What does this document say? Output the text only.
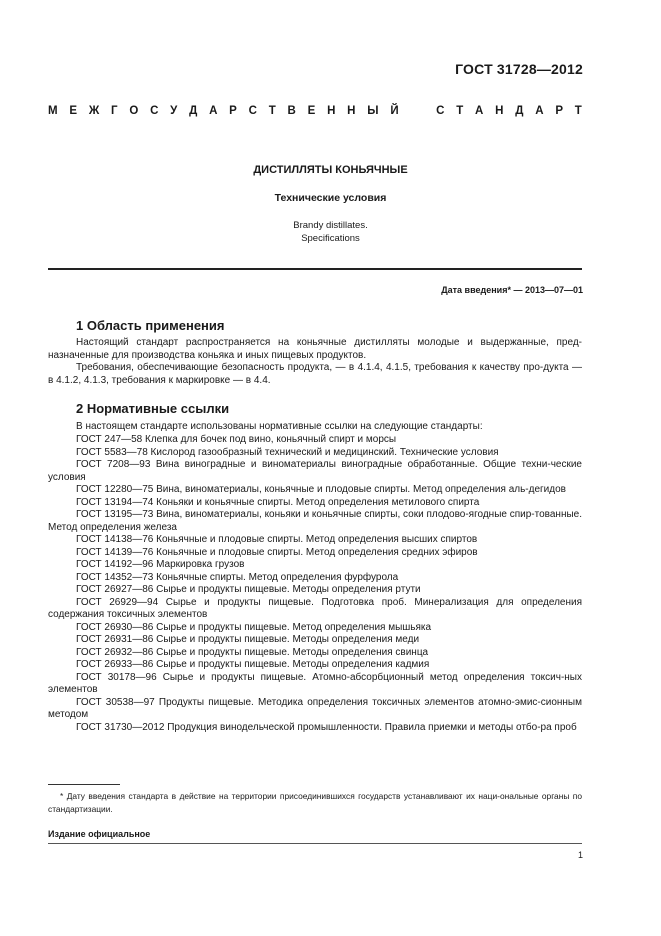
ГОСТ 31728—2012
М Е Ж Г О С У Д А Р С Т В Е Н Н Ы Й	С Т А Н Д А Р Т
ДИСТИЛЛЯТЫ КОНЬЯЧНЫЕ
Технические условия
Brandy distillates.
Specifications
Дата введения* — 2013—07—01
1 Область применения
Настоящий стандарт распространяется на коньячные дистилляты молодые и выдержанные, пред-назначенные для производства коньяка и иных пищевых продуктов.
Требования, обеспечивающие безопасность продукта, — в 4.1.4, 4.1.5, требования к качеству про-дукта — в 4.1.2, 4.1.3, требования к маркировке — в 4.4.
2 Нормативные ссылки
В настоящем стандарте использованы нормативные ссылки на следующие стандарты:
ГОСТ 247—58 Клепка для бочек под вино, коньячный спирт и морсы
ГОСТ 5583—78 Кислород газообразный технический и медицинский. Технические условия
ГОСТ 7208—93 Вина виноградные и виноматериалы виноградные обработанные. Общие техни-ческие условия
ГОСТ 12280—75 Вина, виноматериалы, коньячные и плодовые спирты. Метод определения аль-дегидов
ГОСТ 13194—74 Коньяки и коньячные спирты. Метод определения метилового спирта
ГОСТ 13195—73 Вина, виноматериалы, коньяки и коньячные спирты, соки плодово-ягодные спир-тованные. Метод определения железа
ГОСТ 14138—76 Коньячные и плодовые спирты. Метод определения высших спиртов
ГОСТ 14139—76 Коньячные и плодовые спирты. Метод определения средних эфиров
ГОСТ 14192—96 Маркировка грузов
ГОСТ 14352—73 Коньячные спирты. Метод определения фурфурола
ГОСТ 26927—86 Сырье и продукты пищевые. Методы определения ртути
ГОСТ 26929—94 Сырье и продукты пищевые. Подготовка проб. Минерализация для определения содержания токсичных элементов
ГОСТ 26930—86 Сырье и продукты пищевые. Метод определения мышьяка
ГОСТ 26931—86 Сырье и продукты пищевые. Методы определения меди
ГОСТ 26932—86 Сырье и продукты пищевые. Методы определения свинца
ГОСТ 26933—86 Сырье и продукты пищевые. Методы определения кадмия
ГОСТ 30178—96 Сырье и продукты пищевые. Атомно-абсорбционный метод определения токсич-ных элементов
ГОСТ 30538—97 Продукты пищевые. Методика определения токсичных элементов атомно-эмис-сионным методом
ГОСТ 31730—2012 Продукция винодельческой промышленности. Правила приемки и методы отбо-ра проб
* Дату введения стандарта в действие на территории присоединившихся государств устанавливают их наци-ональные органы по стандартизации.
Издание официальное
1
